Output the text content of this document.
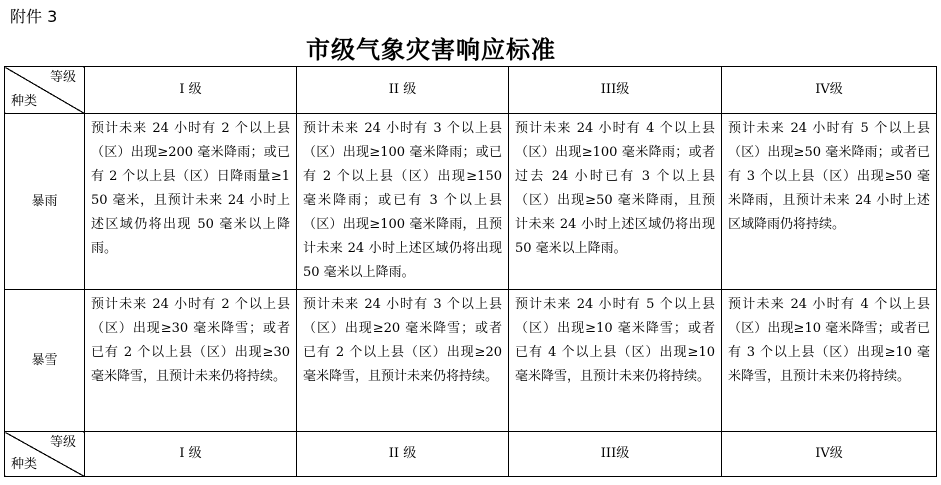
附件 3
市级气象灾害响应标准
等级
种类	I 级	II 级	III级	IV级
暴雨	预计未来 24 小时有 2 个以上县（区）出现≥200 毫米降雨；或已有 2 个以上县（区）日降雨量≥150 毫米，且预计未来 24 小时上述区域仍将出现 50 毫米以上降雨。	预计未来 24 小时有 3 个以上县（区）出现≥100 毫米降雨；或已有 2 个以上县（区）出现≥150 毫米降雨；或已有 3 个以上县（区）出现≥100 毫米降雨，且预计未来 24 小时上述区域仍将出现 50 毫米以上降雨。	预计未来 24 小时有 4 个以上县（区）出现≥100 毫米降雨；或者过去 24 小时已有 3 个以上县（区）出现≥50 毫米降雨，且预计未来 24 小时上述区域仍将出现 50 毫米以上降雨。	预计未来 24 小时有 5 个以上县（区）出现≥50 毫米降雨；或者已有 3 个以上县（区）出现≥50 毫米降雨，且预计未来 24 小时上述区域降雨仍将持续。
暴雪	预计未来 24 小时有 2 个以上县（区）出现≥30 毫米降雪；或者已有 2 个以上县（区）出现≥30 毫米降雪，且预计未来仍将持续。	预计未来 24 小时有 3 个以上县（区）出现≥20 毫米降雪；或者已有 2 个以上县（区）出现≥20 毫米降雪，且预计未来仍将持续。	预计未来 24 小时有 5 个以上县（区）出现≥10 毫米降雪；或者已有 4 个以上县（区）出现≥10 毫米降雪，且预计未来仍将持续。	预计未来 24 小时有 4 个以上县（区）出现≥10 毫米降雪；或者已有 3 个以上县（区）出现≥10 毫米降雪，且预计未来仍将持续。

等级
种类	I 级	II 级	III级	IV级
